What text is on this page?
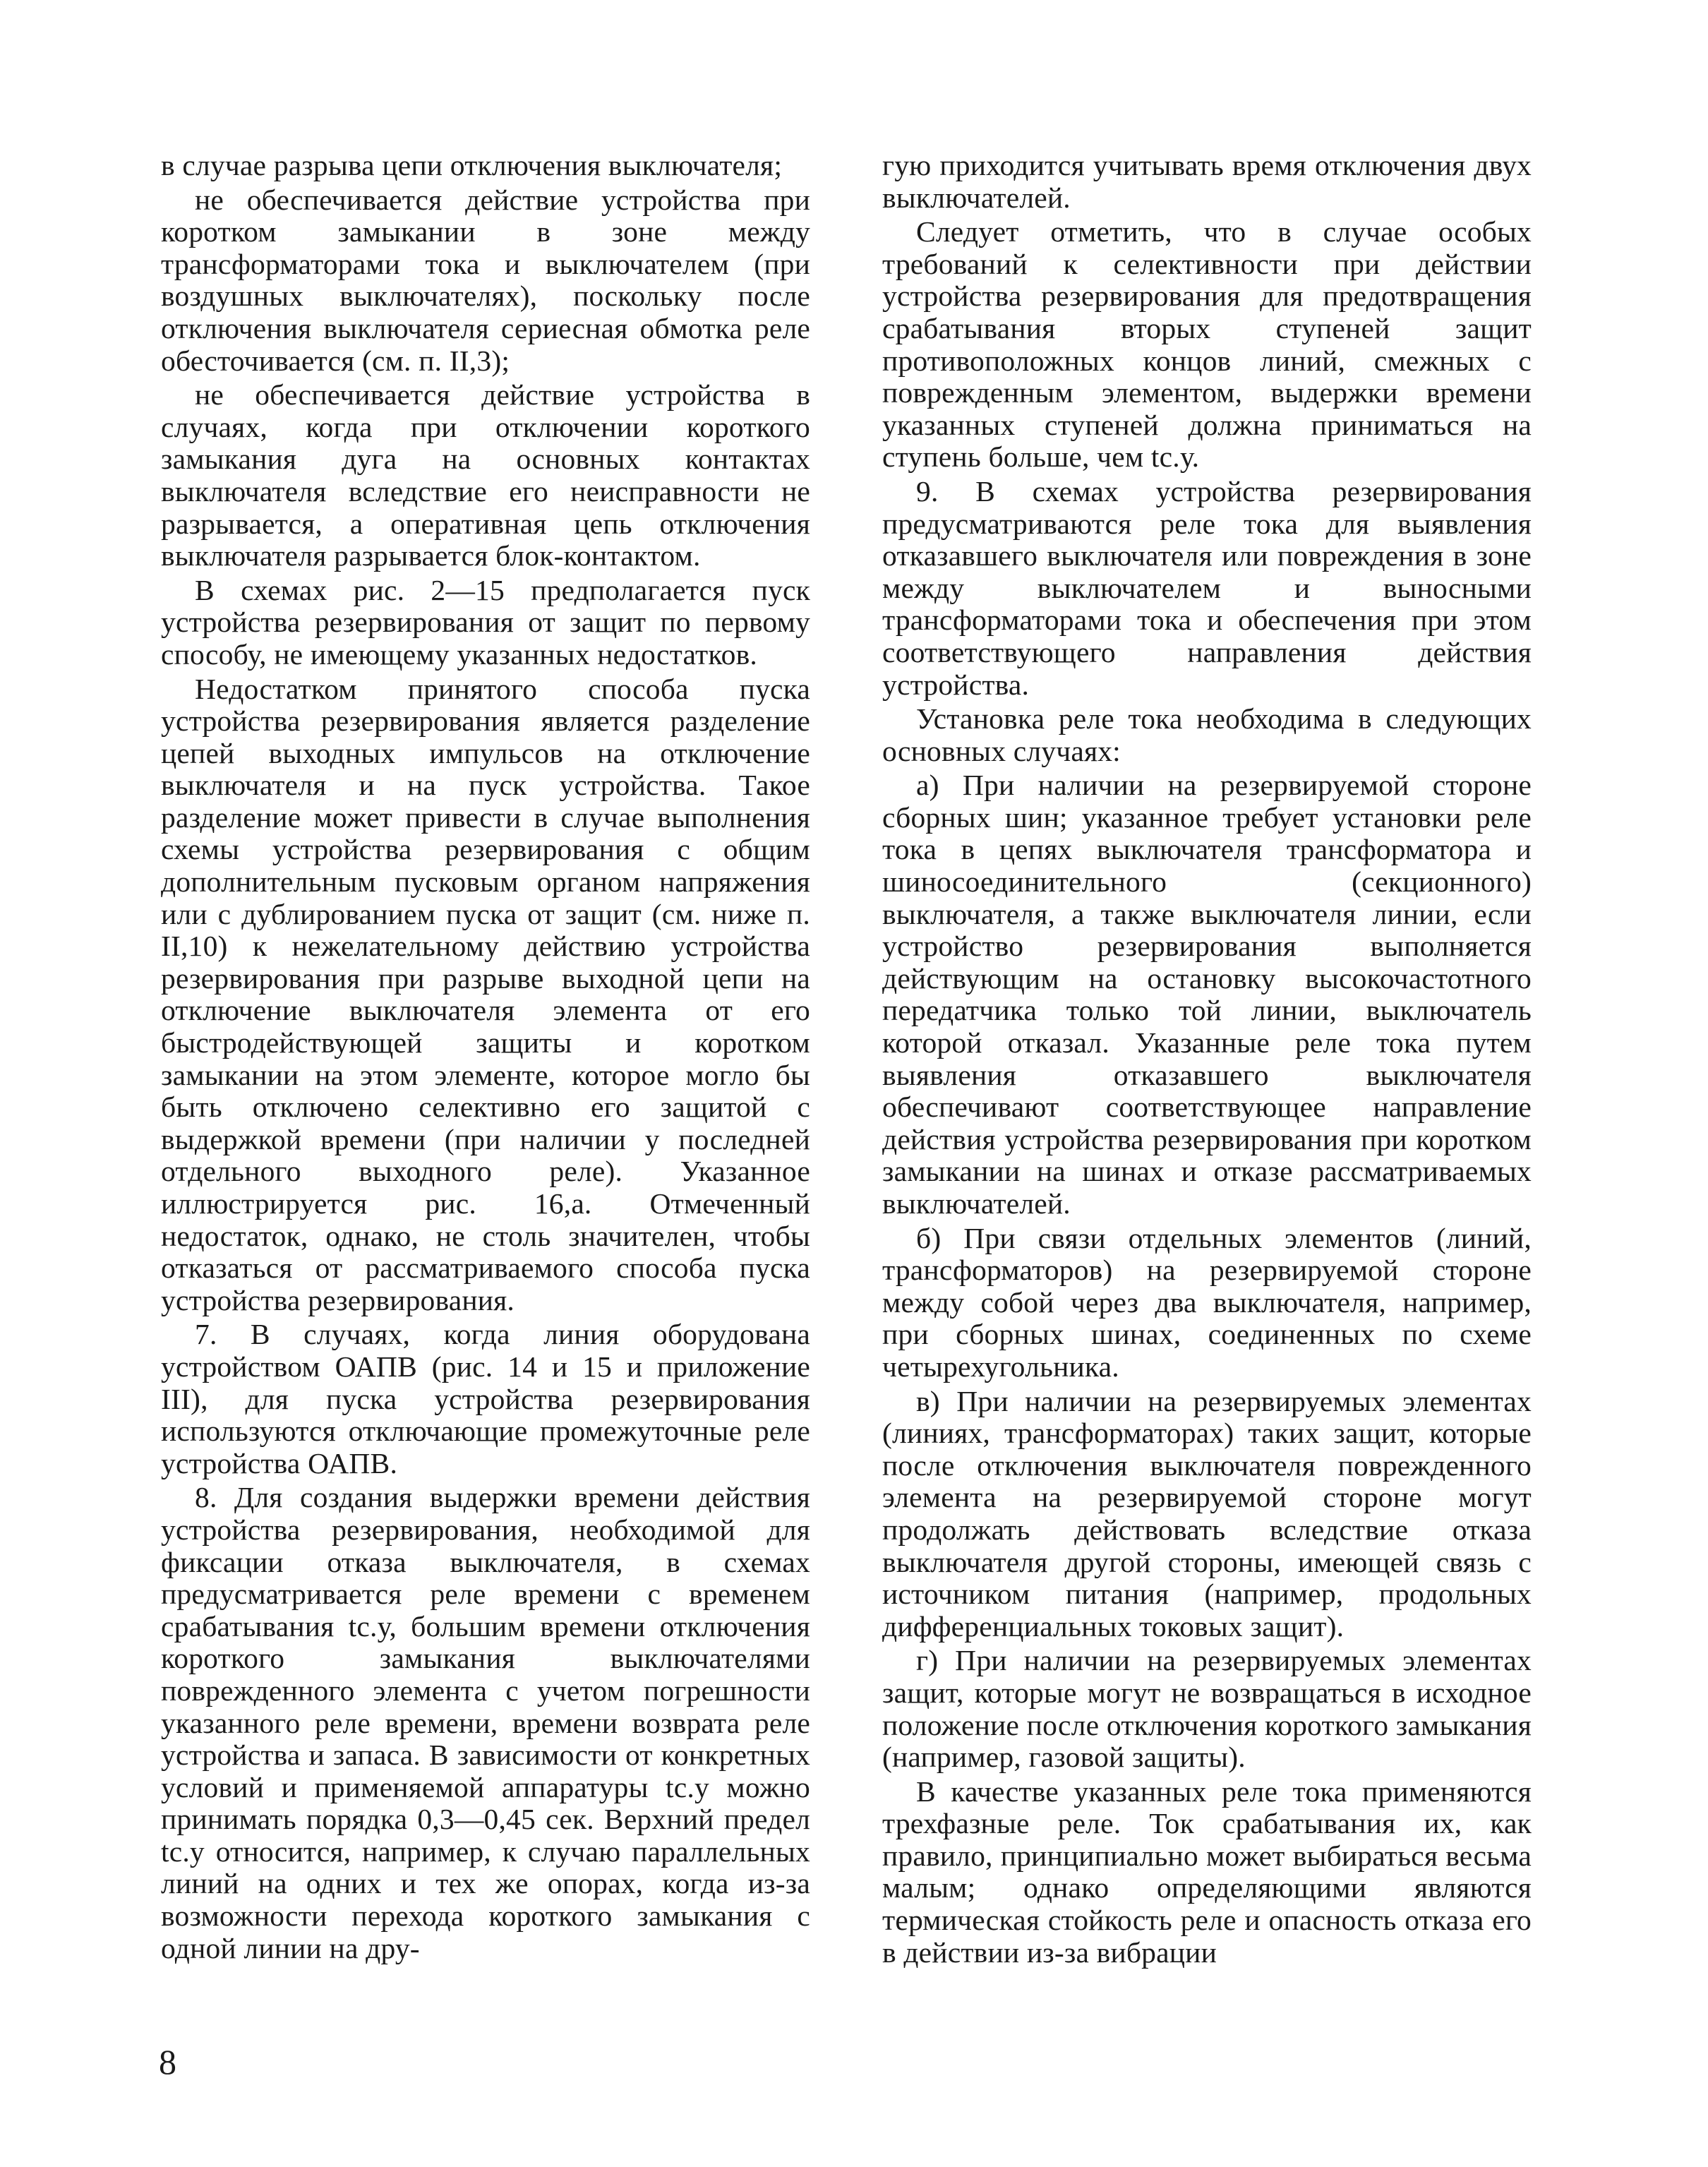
в случае разрыва цепи отключения выключателя;

не обеспечивается действие устройства при коротком замыкании в зоне между трансформаторами тока и выключателем (при воздушных выключателях), поскольку после отключения выключателя сериесная обмотка реле обесточивается (см. п. II,3);

не обеспечивается действие устройства в случаях, когда при отключении короткого замыкания дуга на основных контактах выключателя вследствие его неисправности не разрывается, а оперативная цепь отключения выключателя разрывается блок-контактом.

В схемах рис. 2—15 предполагается пуск устройства резервирования от защит по первому способу, не имеющему указанных недостатков.

Недостатком принятого способа пуска устройства резервирования является разделение цепей выходных импульсов на отключение выключателя и на пуск устройства. Такое разделение может привести в случае выполнения схемы устройства резервирования с общим дополнительным пусковым органом напряжения или с дублированием пуска от защит (см. ниже п. II,10) к нежелательному действию устройства резервирования при разрыве выходной цепи на отключение выключателя элемента от его быстродействующей защиты и коротком замыкании на этом элементе, которое могло бы быть отключено селективно его защитой с выдержкой времени (при наличии у последней отдельного выходного реле). Указанное иллюстрируется рис. 16,а. Отмеченный недостаток, однако, не столь значителен, чтобы отказаться от рассматриваемого способа пуска устройства резервирования.

7. В случаях, когда линия оборудована устройством ОАПВ (рис. 14 и 15 и приложение III), для пуска устройства резервирования используются отключающие промежуточные реле устройства ОАПВ.

8. Для создания выдержки времени действия устройства резервирования, необходимой для фиксации отказа выключателя, в схемах предусматривается реле времени с временем срабатывания tс.у, большим времени отключения короткого замыкания выключателями поврежденного элемента с учетом погрешности указанного реле времени, времени возврата реле устройства и запаса. В зависимости от конкретных условий и применяемой аппаратуры tс.у можно принимать порядка 0,3—0,45 сек. Верхний предел tс.у относится, например, к случаю параллельных линий на одних и тех же опорах, когда из-за возможности перехода короткого замыкания с одной линии на дру-

гую приходится учитывать время отключения двух выключателей.

Следует отметить, что в случае особых требований к селективности при действии устройства резервирования для предотвращения срабатывания вторых ступеней защит противоположных концов линий, смежных с поврежденным элементом, выдержки времени указанных ступеней должна приниматься на ступень больше, чем tс.у.

9. В схемах устройства резервирования предусматриваются реле тока для выявления отказавшего выключателя или повреждения в зоне между выключателем и выносными трансформаторами тока и обеспечения при этом соответствующего направления действия устройства.

Установка реле тока необходима в следующих основных случаях:

а) При наличии на резервируемой стороне сборных шин; указанное требует установки реле тока в цепях выключателя трансформатора и шиносоединительного (секционного) выключателя, а также выключателя линии, если устройство резервирования выполняется действующим на остановку высокочастотного передатчика только той линии, выключатель которой отказал. Указанные реле тока путем выявления отказавшего выключателя обеспечивают соответствующее направление действия устройства резервирования при коротком замыкании на шинах и отказе рассматриваемых выключателей.

б) При связи отдельных элементов (линий, трансформаторов) на резервируемой стороне между собой через два выключателя, например, при сборных шинах, соединенных по схеме четырехугольника.

в) При наличии на резервируемых элементах (линиях, трансформаторах) таких защит, которые после отключения выключателя поврежденного элемента на резервируемой стороне могут продолжать действовать вследствие отказа выключателя другой стороны, имеющей связь с источником питания (например, продольных дифференциальных токовых защит).

г) При наличии на резервируемых элементах защит, которые могут не возвращаться в исходное положение после отключения короткого замыкания (например, газовой защиты).

В качестве указанных реле тока применяются трехфазные реле. Ток срабатывания их, как правило, принципиально может выбираться весьма малым; однако определяющими являются термическая стойкость реле и опасность отказа его в действии из-за вибрации

8
